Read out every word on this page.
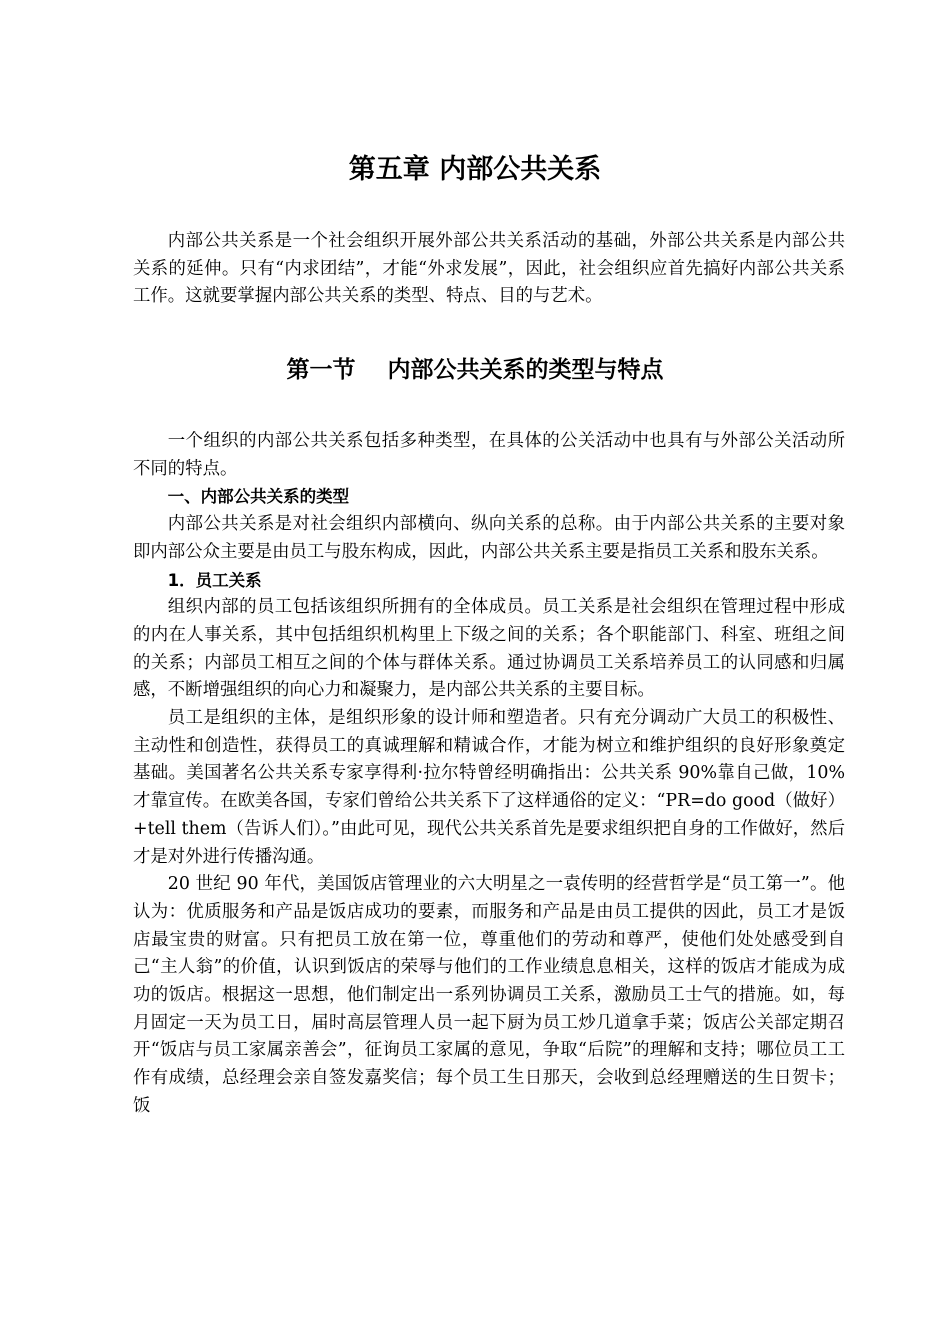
第五章 内部公共关系

内部公共关系是一个社会组织开展外部公共关系活动的基础，外部公共关系是内部公共关系的延伸。只有“内求团结”，才能“外求发展”，因此，社会组织应首先搞好内部公共关系工作。这就要掌握内部公共关系的类型、特点、目的与艺术。

第一节    内部公共关系的类型与特点

一个组织的内部公共关系包括多种类型，在具体的公关活动中也具有与外部公关活动所不同的特点。

一、内部公共关系的类型

内部公共关系是对社会组织内部横向、纵向关系的总称。由于内部公共关系的主要对象即内部公众主要是由员工与股东构成，因此，内部公共关系主要是指员工关系和股东关系。

1．员工关系

组织内部的员工包括该组织所拥有的全体成员。员工关系是社会组织在管理过程中形成的内在人事关系，其中包括组织机构里上下级之间的关系；各个职能部门、科室、班组之间的关系；内部员工相互之间的个体与群体关系。通过协调员工关系培养员工的认同感和归属感，不断增强组织的向心力和凝聚力，是内部公共关系的主要目标。

员工是组织的主体，是组织形象的设计师和塑造者。只有充分调动广大员工的积极性、主动性和创造性，获得员工的真诚理解和精诚合作，才能为树立和维护组织的良好形象奠定基础。美国著名公共关系专家享得利·拉尔特曾经明确指出：公共关系 90%靠自己做，10%才靠宣传。在欧美各国，专家们曾给公共关系下了这样通俗的定义：“PR=do good（做好）+tell them（告诉人们）。”由此可见，现代公共关系首先是要求组织把自身的工作做好，然后才是对外进行传播沟通。

20 世纪 90 年代，美国饭店管理业的六大明星之一袁传明的经营哲学是“员工第一”。他认为：优质服务和产品是饭店成功的要素，而服务和产品是由员工提供的因此，员工才是饭店最宝贵的财富。只有把员工放在第一位，尊重他们的劳动和尊严，使他们处处感受到自己“主人翁”的价值，认识到饭店的荣辱与他们的工作业绩息息相关，这样的饭店才能成为成功的饭店。根据这一思想，他们制定出一系列协调员工关系，激励员工士气的措施。如，每月固定一天为员工日，届时高层管理人员一起下厨为员工炒几道拿手菜；饭店公关部定期召开“饭店与员工家属亲善会”，征询员工家属的意见，争取“后院”的理解和支持；哪位员工工作有成绩，总经理会亲自签发嘉奖信；每个员工生日那天，会收到总经理赠送的生日贺卡；饭
